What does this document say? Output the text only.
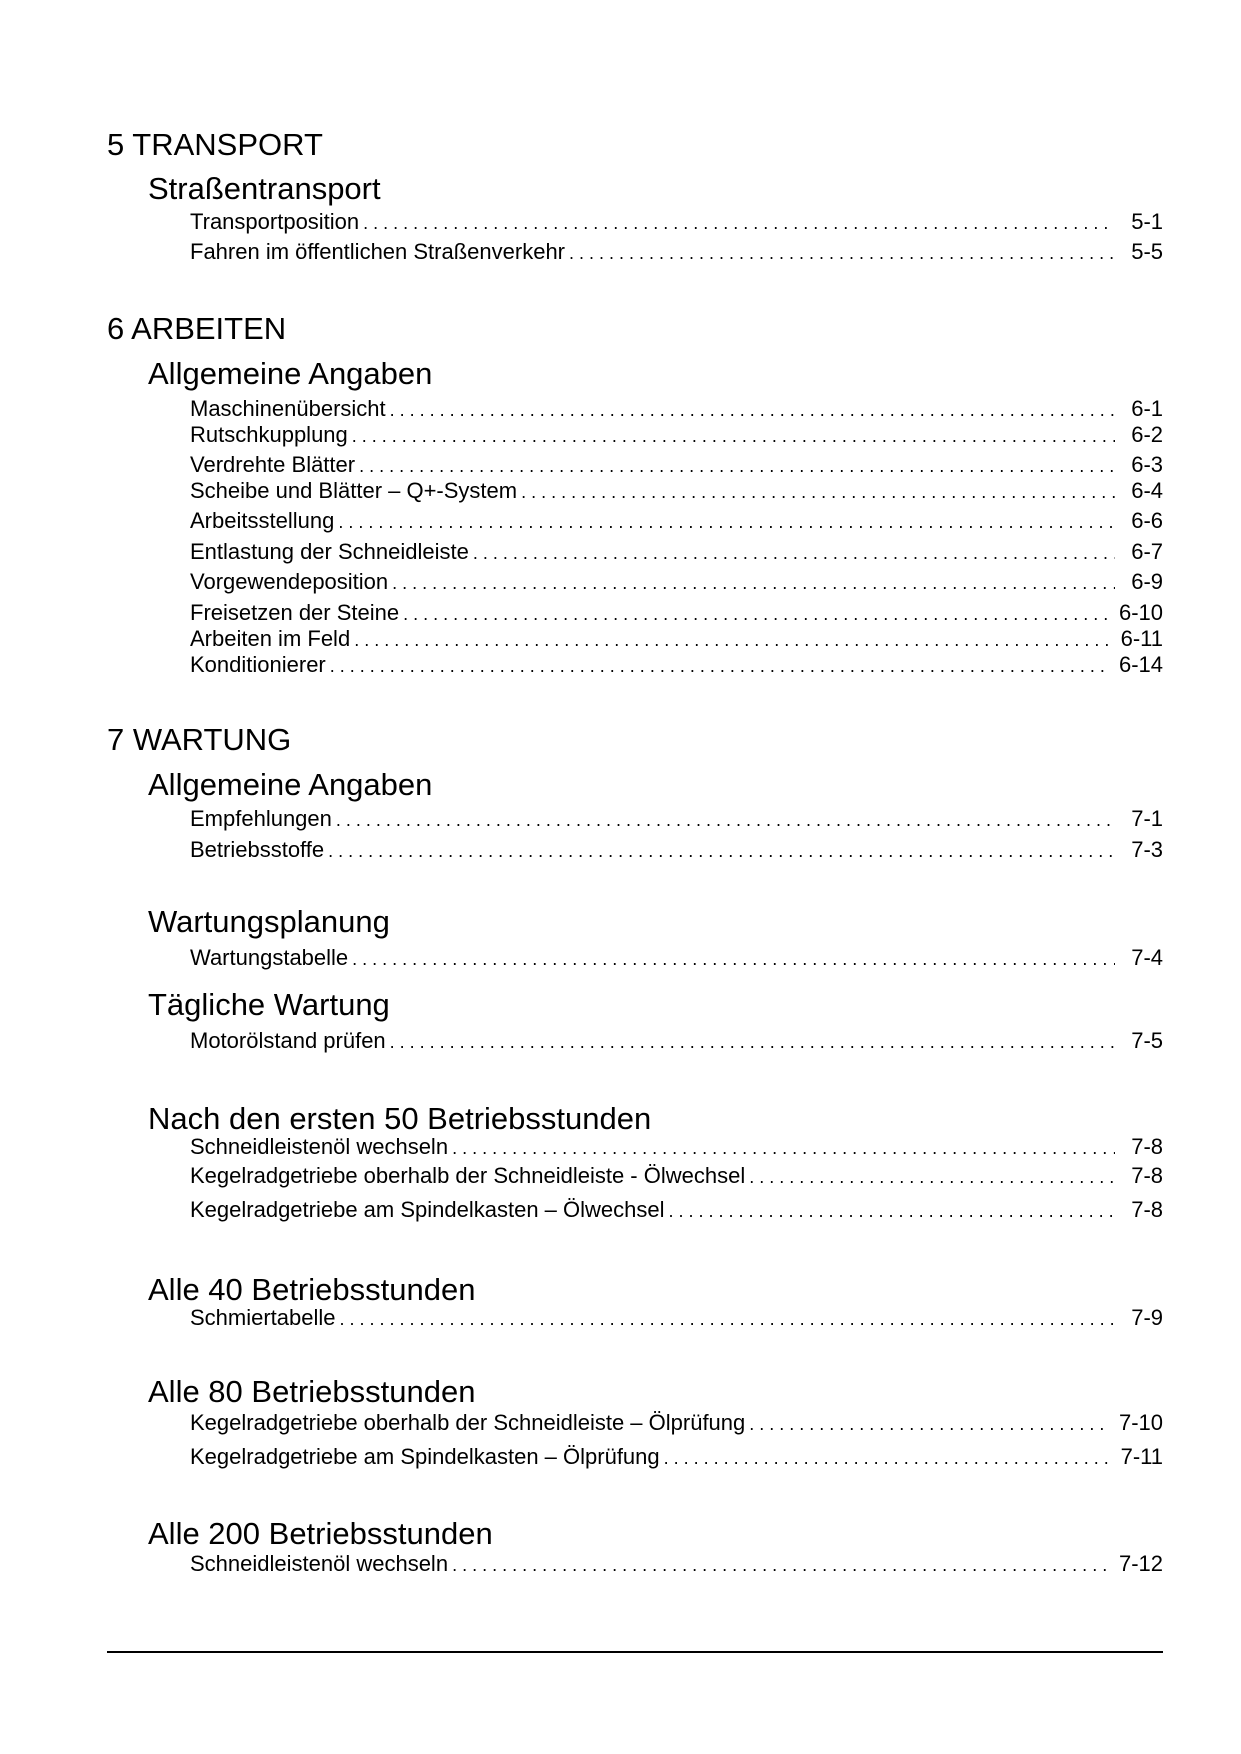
5 TRANSPORT
Straßentransport
Transportposition . . .	5-1
Fahren im öffentlichen Straßenverkehr . . .	5-5
6 ARBEITEN
Allgemeine Angaben
Maschinenübersicht . . .	6-1
Rutschkupplung . . .	6-2
Verdrehte Blätter . . .	6-3
Scheibe und Blätter – Q+-System . . .	6-4
Arbeitsstellung . . .	6-6
Entlastung der Schneidleiste . . .	6-7
Vorgewendeposition . . .	6-9
Freisetzen der Steine . . .	6-10
Arbeiten im Feld . . .	6-11
Konditionierer . . .	6-14
7 WARTUNG
Allgemeine Angaben
Empfehlungen . . .	7-1
Betriebsstoffe . . .	7-3
Wartungsplanung
Wartungstabelle . . .	7-4
Tägliche Wartung
Motorölstand prüfen . . .	7-5
Nach den ersten 50 Betriebsstunden
Schneidleistenöl wechseln . . .	7-8
Kegelradgetriebe oberhalb der Schneidleiste - Ölwechsel . . .	7-8
Kegelradgetriebe am Spindelkasten – Ölwechsel . . .	7-8
Alle 40 Betriebsstunden
Schmiertabelle . . .	7-9
Alle 80 Betriebsstunden
Kegelradgetriebe oberhalb der Schneidleiste – Ölprüfung . . .	7-10
Kegelradgetriebe am Spindelkasten – Ölprüfung . . .	7-11
Alle 200 Betriebsstunden
Schneidleistenöl wechseln . . .	7-12
